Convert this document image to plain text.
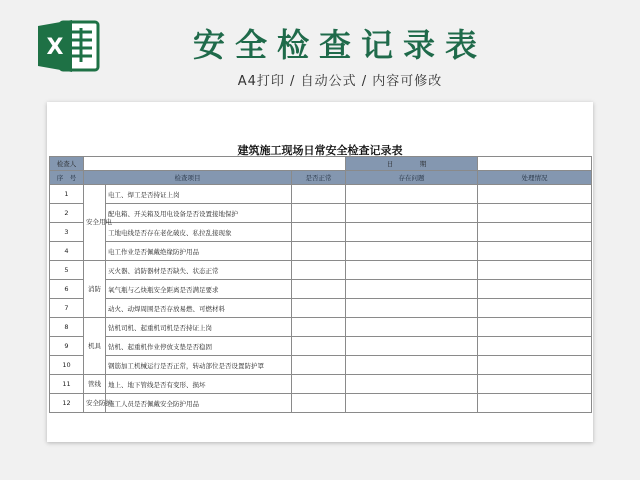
X	安全检查记录表
A4打印 / 自动公式 / 内容可修改
建筑施工现场日常安全检查记录表
检查人				日　期	
序　号	检查项目		是否正常	存在问题	处理情况
1	安全用电	电工、焊工是否持证上岗			
2		配电箱、开关箱及用电设备是否设置接地保护			
3		工地电线是否存在老化破皮、私拉乱接现象			
4		电工作业是否佩戴绝缘防护用品			
5	消防	灭火器、消防器材是否缺失、状态正常			
6		氧气瓶与乙炔瓶安全距离是否满足要求			
7		动火、动焊周围是否存放易燃、可燃材料			
8	机具	钻机司机、起重机司机是否持证上岗			
9		钻机、起重机作业停放支垫是否稳固			
10		钢筋加工机械运行是否正常，转动部位是否设置防护罩			
11	管线	地上、地下管线是否有变形、损坏			
12	安全防护	施工人员是否佩戴安全防护用品			
